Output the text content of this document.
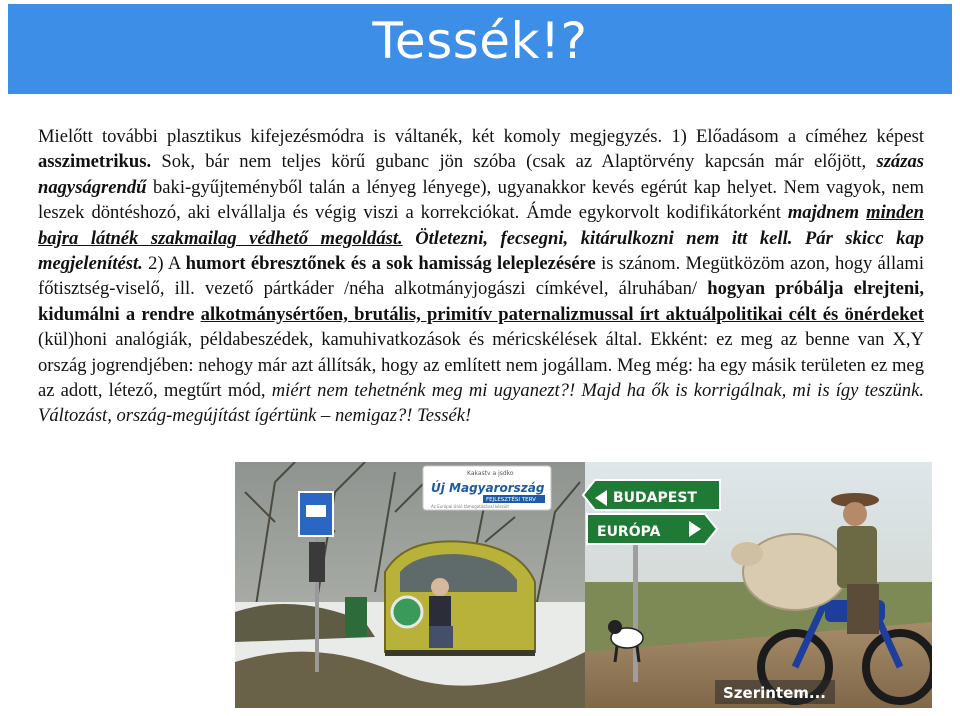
Tessék!?
Mielőtt további plasztikus kifejezésmódra is váltanék, két komoly megjegyzés. 1) Előadásom a címéhez képest asszimetrikus. Sok, bár nem teljes körű gubanc jön szóba (csak az Alaptörvény kapcsán már előjött, százas nagyságrendű baki-gyűjteményből talán a lényeg lényege), ugyanakkor kevés egérút kap helyet. Nem vagyok, nem leszek döntéshozó, aki elvállalja és végig viszi a korrekciókat. Ámde egykorvolt kodifikátorként majdnem minden bajra látnék szakmailag védhető megoldást. Ötletezni, fecsegni, kitárulkozni nem itt kell. Pár skicc kap megjelenítést. 2) A humort ébresztőnek és a sok hamisság leleplezésére is szánom. Megütközöm azon, hogy állami főtisztség-viselő, ill. vezető pártkáder /néha alkotmányjogászi címkével, álruhában/ hogyan próbálja elrejteni, kidumálni a rendre alkotmánysértően, brutális, primitív paternalizmussal írt aktuálpolitikai célt és önérdeket (kül)honi analógiák, példabeszédek, kamuhivatkozások és méricskélések által. Ekként: ez meg az benne van X,Y ország jogrendjében: nehogy már azt állítsák, hogy az említett nem jogállam. Meg még: ha egy másik területen ez meg az adott, létező, megtűrt mód, miért nem tehetnénk meg mi ugyanezt?! Majd ha ők is korrigálnak, mi is így teszünk. Változást, ország-megújítást ígértünk – nemigaz?! Tessék!
Kakastv a jsdko
Új Magyarország
FEJLESZTÉSI TERV
Az Európai Unió támogatásával készült
BUDAPEST
EURÓPA
Szerintem...
